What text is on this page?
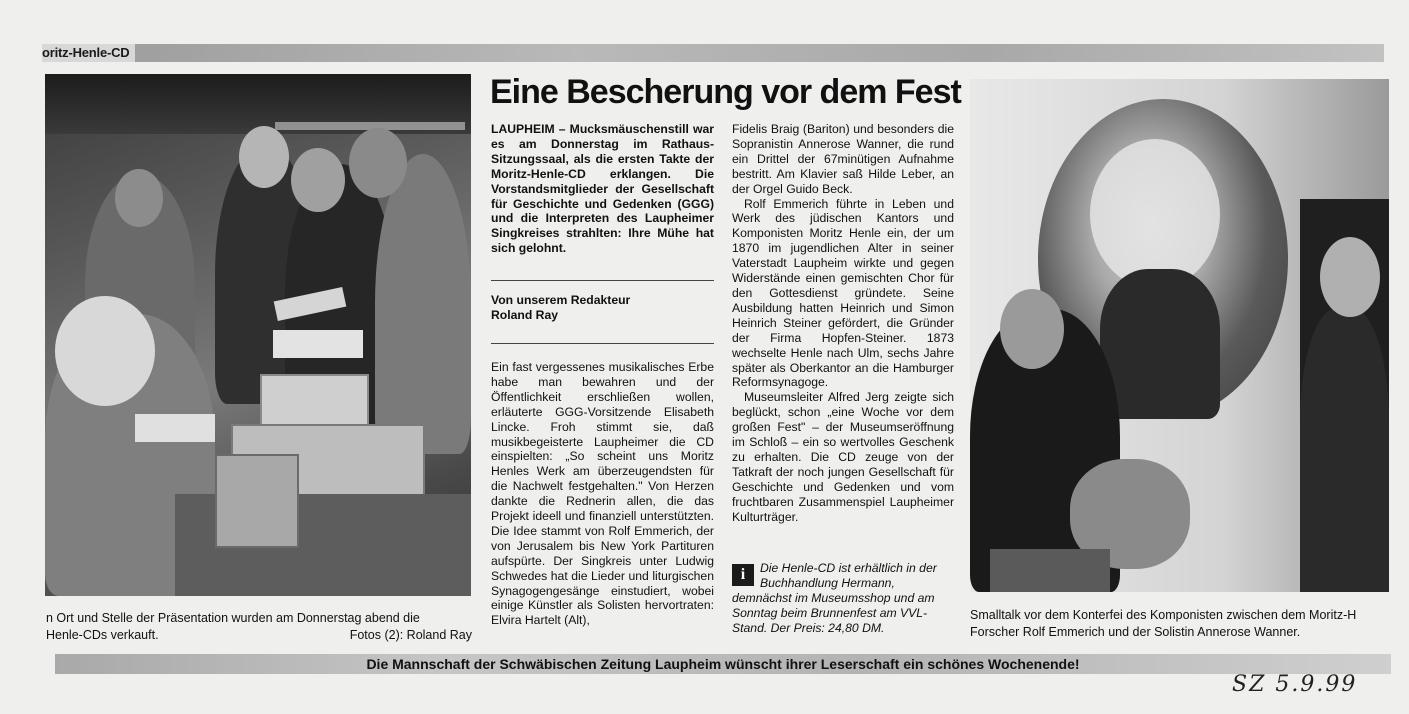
oritz-Henle-CD
n Ort und Stelle der Präsentation wurden am Donnerstag abend die
Henle-CDs verkauft.	Fotos (2): Roland Ray
Eine Bescherung vor dem Fest
LAUPHEIM – Mucksmäuschenstill war es am Donnerstag im Rathaus-Sitzungssaal, als die ersten Takte der Moritz-Henle-CD erklangen. Die Vorstandsmitglieder der Gesellschaft für Geschichte und Gedenken (GGG) und die Interpreten des Laupheimer Singkreises strahlten: Ihre Mühe hat sich gelohnt.
Von unserem Redakteur
Roland Ray
Ein fast vergessenes musikalisches Erbe habe man bewahren und der Öffentlichkeit erschließen wollen, erläuterte GGG-Vorsitzende Elisabeth Lincke. Froh stimmt sie, daß musikbegeisterte Laupheimer die CD einspielten: „So scheint uns Moritz Henles Werk am überzeugendsten für die Nachwelt festgehalten." Von Herzen dankte die Rednerin allen, die das Projekt ideell und finanziell unterstützten. Die Idee stammt von Rolf Emmerich, der von Jerusalem bis New York Partituren aufspürte. Der Singkreis unter Ludwig Schwedes hat die Lieder und liturgischen Synagogengesänge einstudiert, wobei einige Künstler als Solisten hervortraten: Elvira Hartelt (Alt),
Fidelis Braig (Bariton) und besonders die Sopranistin Annerose Wanner, die rund ein Drittel der 67minütigen Aufnahme bestritt. Am Klavier saß Hilde Leber, an der Orgel Guido Beck.
Rolf Emmerich führte in Leben und Werk des jüdischen Kantors und Komponisten Moritz Henle ein, der um 1870 im jugendlichen Alter in seiner Vaterstadt Laupheim wirkte und gegen Widerstände einen gemischten Chor für den Gottesdienst gründete. Seine Ausbildung hatten Heinrich und Simon Heinrich Steiner gefördert, die Gründer der Firma Hopfen-Steiner. 1873 wechselte Henle nach Ulm, sechs Jahre später als Oberkantor an die Hamburger Reformsynagoge.
Museumsleiter Alfred Jerg zeigte sich beglückt, schon „eine Woche vor dem großen Fest" – der Museumseröffnung im Schloß – ein so wertvolles Geschenk zu erhalten. Die CD zeuge von der Tatkraft der noch jungen Gesellschaft für Geschichte und Gedenken und vom fruchtbaren Zusammenspiel Laupheimer Kulturträger.
i	Die Henle-CD ist erhältlich in der Buchhandlung Hermann, demnächst im Museumsshop und am Sonntag beim Brunnenfest am VVL-Stand. Der Preis: 24,80 DM.
Smalltalk vor dem Konterfei des Komponisten zwischen dem Moritz-H
Forscher Rolf Emmerich und der Solistin Annerose Wanner.
Die Mannschaft der Schwäbischen Zeitung Laupheim wünscht ihrer Leserschaft ein schönes Wochenende!
SZ 5.9.99
